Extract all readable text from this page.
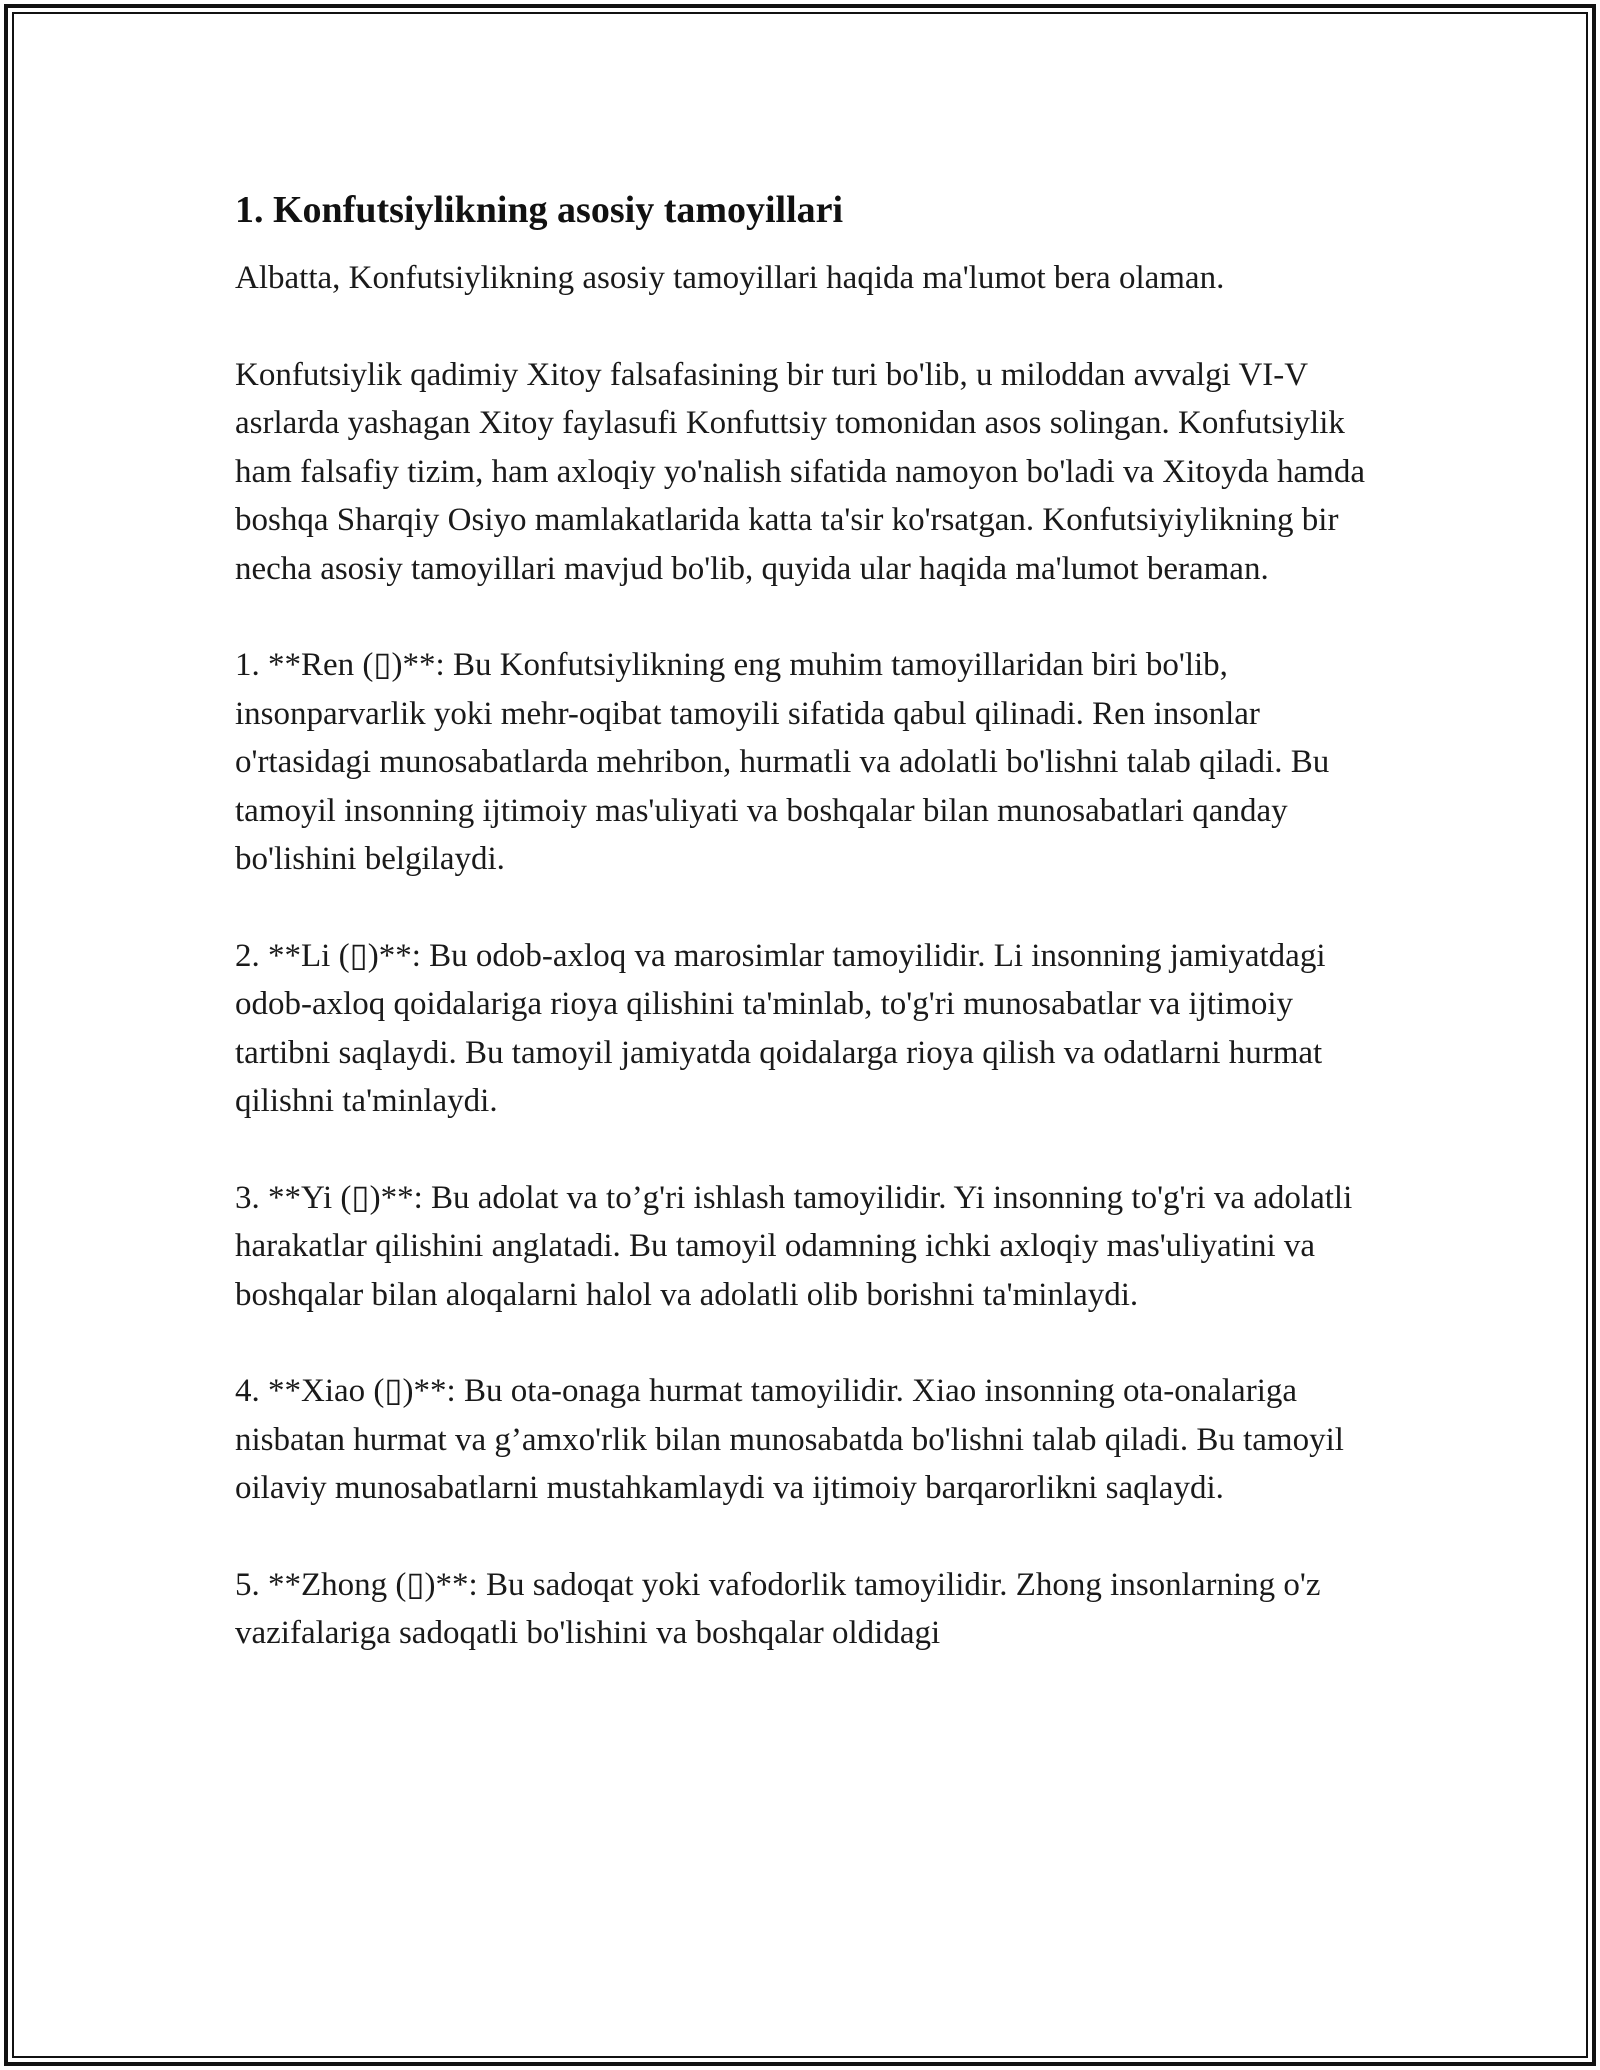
1. Konfutsiylikning asosiy tamoyillari

Albatta, Konfutsiylikning asosiy tamoyillari haqida ma'lumot bera olaman.

Konfutsiylik qadimiy Xitoy falsafasining bir turi bo'lib, u miloddan avvalgi VI-V asrlarda yashagan Xitoy faylasufi Konfuttsiy tomonidan asos solingan. Konfutsiylik ham falsafiy tizim, ham axloqiy yo'nalish sifatida namoyon bo'ladi va Xitoyda hamda boshqa Sharqiy Osiyo mamlakatlarida katta ta'sir ko'rsatgan. Konfutsiyiylikning bir necha asosiy tamoyillari mavjud bo'lib, quyida ular haqida ma'lumot beraman.

1. **Ren (▯)**: Bu Konfutsiylikning eng muhim tamoyillaridan biri bo'lib, insonparvarlik yoki mehr-oqibat tamoyili sifatida qabul qilinadi. Ren insonlar o'rtasidagi munosabatlarda mehribon, hurmatli va adolatli bo'lishni talab qiladi. Bu tamoyil insonning ijtimoiy mas'uliyati va boshqalar bilan munosabatlari qanday bo'lishini belgilaydi.

2. **Li (▯)**: Bu odob-axloq va marosimlar tamoyilidir. Li insonning jamiyatdagi odob-axloq qoidalariga rioya qilishini ta'minlab, to'g'ri munosabatlar va ijtimoiy tartibni saqlaydi. Bu tamoyil jamiyatda qoidalarga rioya qilish va odatlarni hurmat qilishni ta'minlaydi.

3. **Yi (▯)**: Bu adolat va to’g'ri ishlash tamoyilidir. Yi insonning to'g'ri va adolatli harakatlar qilishini anglatadi. Bu tamoyil odamning ichki axloqiy mas'uliyatini va boshqalar bilan aloqalarni halol va adolatli olib borishni ta'minlaydi.

4. **Xiao (▯)**: Bu ota-onaga hurmat tamoyilidir. Xiao insonning ota-onalariga nisbatan hurmat va g’amxo'rlik bilan munosabatda bo'lishni talab qiladi. Bu tamoyil oilaviy munosabatlarni mustahkamlaydi va ijtimoiy barqarorlikni saqlaydi.

5. **Zhong (▯)**: Bu sadoqat yoki vafodorlik tamoyilidir. Zhong insonlarning o'z vazifalariga sadoqatli bo'lishini va boshqalar oldidagi
